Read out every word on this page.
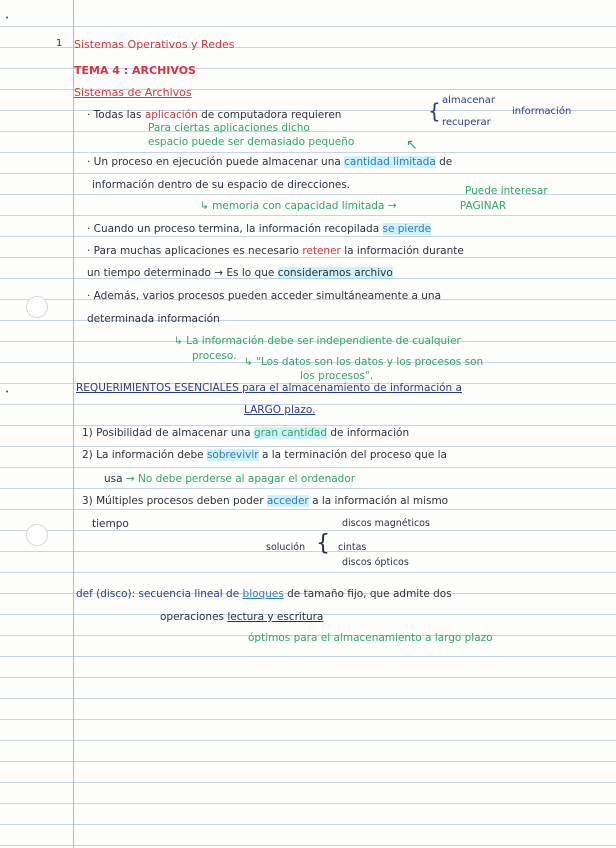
•
•
1 Sistemas Operativos y Redes
TEMA 4 : ARCHIVOS
Sistemas de Archivos
· Todas las aplicación de computadora requieren	{ almacenar
recuperar
información
Para ciertas aplicaciones dicho
espacio puede ser demasiado pequeño	↖
· Un proceso en ejecución puede almacenar una cantidad limitada de
información dentro de su espacio de direcciones.	Puede interesar
↳ memoria con capacidad limitada →	PAGINAR
· Cuando un proceso termina, la información recopilada se pierde
· Para muchas aplicaciones es necesario retener la información durante
un tiempo determinado → Es lo que consideramos archivo
· Además, varios procesos pueden acceder simultáneamente a una
determinada información
↳ La información debe ser independiente de cualquier
proceso. ↳ "Los datos son los datos y los procesos son
los procesos".
REQUERIMIENTOS ESENCIALES para el almacenamiento de información a
LARGO plazo.
1) Posibilidad de almacenar una gran cantidad de información
2) La información debe sobrevivir a la terminación del proceso que la
usa → No debe perderse al apagar el ordenador
3) Múltiples procesos deben poder acceder a la información al mismo
tiempo
solución {
discos magnéticos
cintas
discos ópticos
def (disco): secuencia lineal de bloques de tamaño fijo, que admite dos
operaciones lectura y escritura
óptimos para el almacenamiento a largo plazo
